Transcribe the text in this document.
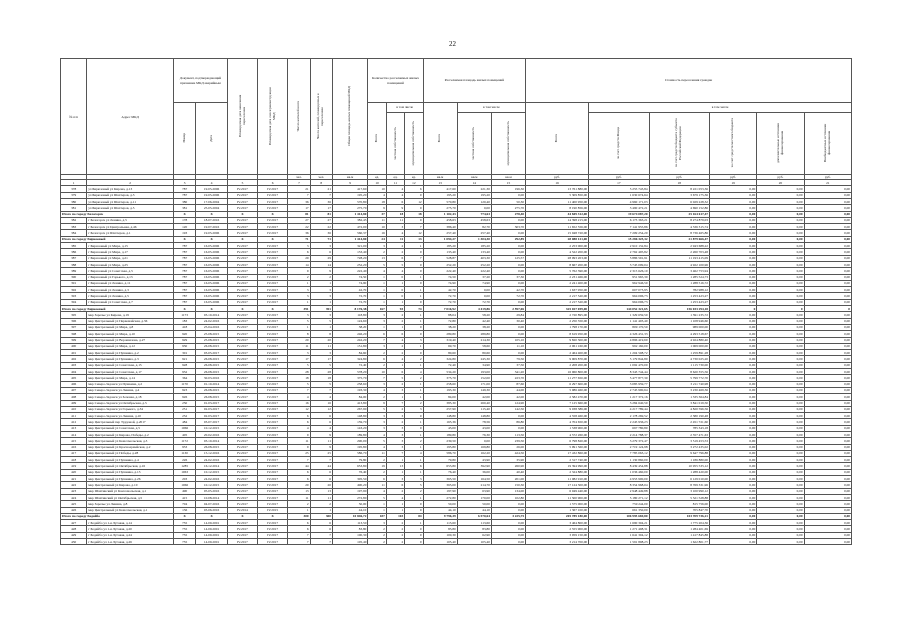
22
№ п/п	Адрес МКД	Документ, подтверждающий признание МКД аварийным		Планируемая дата окончания переселения	Планируемая дата сноса/реконструкции МКД	Число жителей всего	Число жителей, планируемых к переселению	Общая площадь жилых помещений МКД	Количество расселяемых жилых помещений			Расселяемая площадь жилых помещений			Стоимость переселения граждан					
		Номер	Дата						Всего	в том числе		Всего	в том числе		Всего	в том числе				
										частная собственность	муниципальная собственность		частная собственность	муниципальная собственность		за счет средств Фонда	за счет средств бюджета субъекта Российской Федерации	за счет средств местного бюджета	дополнительные источники финансирования	Внебюджетные источники финансирования
						чел.	чел.	кв.м	ед.	ед.	ед.	кв.м	кв.м	кв.м	руб.	руб.	руб.	руб.	руб.	руб.
1	2	3	4	5	6	7	8	9	10	11	12	13	14	15	16	17	18	19	20	21
378	ул Бирюзовый ул Кирова, д.13	787	19.05.2006	IV.2017	IV.2017	21	21	417,60	10	4	6	417,60	221,30	196,30	13 761 880,00	5 255 743,84	8 221 053,36	0,00	0,00	0,00
379	ул Бирюзовый ул Шахтеров, д.3	787	19.05.2006	IV.2017	IV.2017	7	7	195,20	4	4	0	195,20	195,20	0,00	5 309 850,00	1 630 674,64	3 679 175,36	0,00	0,00	0,00
380	ул Бирюзовый ул Шахтеров, д.11	380	17.06.2004	IV.2017	IV.2017	36	36	570,80	18	6	12	570,80	120,40	50,30	11 400 950,00	4 960 171,03	6 029 228,32	0,00	0,00	0,00
381	ул Бирюзовый ул Шахтеров, д.5	381	25.05.2004	IV.2017	IV.2017	17	17	275,70	9	9	0	275,70	0,00	275,70	8 190 856,00	3 490 472,21	4 690 152,86	0,00	0,00	0,00
Итого по городу Белогорск		X	X	X	X	81	81	1 414,80	37	18	18	1 102,43	774,63	278,40	44 849 312,00	19 674 087,20	25 164 617,47	0,00	0,00	0,00
382	г Белогорск ул Ленина, д.5	178	18.07.2016	IV.2017	IV.2017	27	27	382,43	11	11	0	458,63	458,63	0,00	14 398 215,00	6 173 363,21	8 274 879,03	0,00	0,00	0,00
383	г Белогорск ул Центральная, д.46	120	19.07.2016	IV.2017	IV.2017	22	22	472,00	10	3	7	386,40	82,70	303,70	11 652 556,00	7 141 955,86	4 336 315,74	0,00	0,00	0,00
384	г Белогорск ул Шахтеров, д.1	193	19.05.2006	IV.2017	IV.2017	36	36	560,37	16	4	12	257,40	257,40	0,00	15 948 720,00	7 209 254,20	8 736 465,86	0,00	0,00	0,00
Итого по городу Бирюзовый		X	X	X	X	71	71	1 414,80	24	11	13	1 094,27	1 304,30	292,89	28 088 121,00	15 286 325,32	21 879 666,47	0,00	0,00	0,00
385	г Бирюзовый ул Мира, д.15	787	16.05.2006	IV.2017	IV.2017	3	3	321,00	3	2	1	185,20	185,20	0,00	2 253 000,00	2 910 132,84	2 943 688,22	0,00	0,00	0,00
386	г Бирюзовый ул Мира, д.17	787	16.05.2006	IV.2017	IV.2017	6	6	133,40	2	2	0	133,40	133,40	0,00	4 522 200,00	2 762 495,82	2 260 703,48	0,00	0,00	0,00
387	г Бирюзовый ул Мира, д.21	787	16.05.2006	IV.2017	IV.2017	29	29	728,20	13	6	7	528,87	403,30	125,57	28 093 203,00	5 886 591,91	11 193 415,09	0,00	0,00	0,00
388	г Бирюзовый ул Мира, д.25	787	16.05.2006	IV.2017	IV.2017	14	14	252,20	5	5	0	252,20	252,20	0,00	8 667 200,00	3 745 099,04	4 922 100,96	0,00	0,00	0,00
389	г Бирюзовый ул Советская, д.5	787	16.05.2006	IV.2017	IV.2017	9	9	222,40	4	4	0	222,40	222,40	0,00	5 762 390,00	2 315 626,10	3 462 753,94	0,00	0,00	0,00
390	г Бирюзовый ул Горького, д.13	787	16.05.2006	IV.2017	IV.2017	2	2	74,50	1	0	1	74,50	37,20	37,30	2 231 466,00	951 965,30	1 285 524,73	0,00	0,00	0,00
391	г Бирюзовый ул Ленина, д.11	787	16.05.2006	IV.2017	IV.2017	1	1	74,90	1	1	0	74,90	74,90	0,00	2 241 400,00	962 946,50	1 288 516,72	0,00	0,00	0,00
392	г Бирюзовый ул Ленина, д.3	787	16.05.2006	IV.2017	IV.2017	3	3	42,70	1	0	1	42,70	0,00	42,70	1 637 950,00	607 073,95	782 988,12	0,00	0,00	0,00
393	г Бирюзовый ул Ленина, д.5	787	16.05.2006	IV.2017	IV.2017	3	3	72,70	1	0	1	72,70	0,00	72,70	2 217 520,00	964 096,73	1 253 423,27	0,00	0,00	0,00
394	г Бирюзовый ул Советская, д.7	787	16.05.2006	IV.2017	IV.2017	1	1	72,70	1	1	0	72,70	72,70	0,00	2 217 520,00	964 096,73	1 253 423,27	0,00	0,00	0,00
Итого по городу Бирюзовый		X	X	X	X	391	391	8 176,38	167	93	74	7 016,92	4 419,86	2 597,06	325 027 059,00	144 052 321,65	156 033 294,18	0	0	0
395	мкр Заречье ул Кирова, д.19	1173	03.10.2014	IV.2017	IV.2017	3	3	118,80	3	2	1	88,04	58,20	29,84	2 720 895,00	1 329 659,50	1 391 235,72	0,00	0,00	0,00
396	мкр Центральный ул Первомайская, д.36	183	24.02.2016	IV.2017	IV.2017	5	5	124,60	3	2	1	72,80	42,40	30,40	2 250 350,00	1 141 403,40	1 108 946,60	0,00	0,00	0,00
397	мкр Центральный ул Мира, д.8	418	25.04.2016	IV.2017	IV.2017	1	1	38,20	1	1	0	38,20	38,20	0,00	1 798 170,00	809 170,50	989 000,00	0,00	0,00	0,00
398	мкр Центральный ул Мира, д.10	920	25.08.2015	IV.2017	IV.2017	8	8	246,20	6	6	0	289,80	289,80	0,00	8 619 950,00	4 326 431,33	4 293 518,67	0,00	0,00	0,00
399	мкр Центральный ул Ворошилова, д.27	929	25.08.2015	IV.2017	IV.2017	20	20	242,20	7	4	3	319,40	214,30	105,10	9 820 300,00	4 896 419,60	4 924 880,40	0,00	0,00	0,00
400	мкр Центральный ул Мира, д.12	930	26.08.2015	IV.2017	IV.2017	11	11	151,80	3	2	1	69,70	58,60	11,10	2 061 160,00	992 160,00	1 069 000,00	0,00	0,00	0,00
401	мкр Центральный ул Пушкина, д.2	301	03.05.2017	IV.2017	IV.2017	3	3	84,60	2	2	0	80,60	80,60	0,00	2 464 400,00	1 204 508,72	1 259 891,28	0,00	0,00	0,00
402	мкр Центральный ул Пушкина, д.3	921	26.08.2015	IV.2017	IV.2017	17	17	324,80	6	4	2	324,80	245,30	79,50	9 909 870,00	5 179 844,80	4 730 025,20	0,00	0,00	0,00
403	мкр Центральный ул Советская, д.15	928	26.08.2015	IV.2017	IV.2017	5	5	72,40	2	1	1	72,40	34,90	37,50	2 208 200,00	1 092 470,00	1 115 730,00	0,00	0,00	0,00
404	мкр Центральный ул Советская, д.17	932	26.08.2015	IV.2017	IV.2017	28	28	578,20	10	6	4	534,20	193,00	341,20	16 960 800,00	8 343 744,44	8 620 355,56	0,00	0,00	0,00
405	мкр Центральный ул Мира, д.14	364	30.03.2016	IV.2017	IV.2017	18	18	375,70	7	5	2	375,70	152,00	223,70	11 277 650,00	5 477 877,30	5 799 772,70	0,00	0,00	0,00
406	мкр Северо-Задонск ул Пушкина, д.2	1170	01.10.2014	IV.2017	IV.2017	5	5	258,60	3	2	1	258,60	171,00	87,60	6 297 600,00	3 085 959,77	3 211 740,98	0,00	0,00	0,00
407	мкр Северо-Задонск ул Ленина, д.4	923	26.08.2015	IV.2017	IV.2017	7	7	193,30	4	3	1	193,30	149,30	44,00	5 986 460,00	2 745 990,64	3 230 469,36	0,00	0,00	0,00
408	мкр Северо-Задонск ул Зеленая, д.18	926	26.08.2015	IV.2017	IV.2017	4	4	84,00	2	1	1	84,00	42,00	42,00	2 582 470,00	1 217 372,16	1 335 364,84	0,00	0,00	0,00
409	мкр Северо-Задонск ул Октябрьская, д.5	250	01.03.2017	IV.2017	IV.2017	16	16	413,80	9	7	2	385,30	260,40	124,90	7 125 660,00	3 284 640,50	3 841 019,50	0,00	0,00	0,00
410	мкр Северо-Задонск ул Горького, д.34	251	02.03.2017	IV.2017	IV.2017	12	12	267,90	5	2	3	257,90	115,40	142,50	9 038 386,00	4 217 789,44	4 820 596,56	0,00	0,00	0,00
411	мкр Северо-Задонск ул Ленина, д.10	252	02.03.2017	IV.2017	IV.2017	6	6	148,80	3	3	0	148,80	148,80	0,00	4 558 460,00	2 178 269,52	2 380 190,48	0,00	0,00	0,00
412	мкр Центральный пер Трудовой, д.2017	484	03.07.2017	IV.2017	IV.2017	6	6	159,70	3	2	1	165,36	78,56	86,80	4 704 650,00	2 245 936,23	2 451 721,60	0,00	0,00	0,00
413	мкр Центральный ул Советская, д.5	1066	10.12.2015	IV.2017	IV.2017	4	4	143,20	3	3	0	43,00	43,00	0,00	1 538 900,00	697 780,80	785 343,18	0,00	0,00	0,00
414	мкр Центральный ул Кирова, Победы, д.2	405	20.02.2016	IV.2017	IV.2017	9	9	189,80	4	3	1	189,80	76,30	113,50	4 572 260,00	2 214 788,37	2 357 471,63	0,00	0,00	0,00
415	мкр Центральный ул Комсомольская, д.3	1172	03.10.2014	IV.2017	IV.2017	11	11	290,00	5	3	2	239,50	0,00	239,50	6 798 820,00	3 279 372,47	3 519 453,53	0,00	0,00	0,00
416	мкр Центральный ул Красноармейская, д.2	933	26.08.2015	IV.2017	IV.2017	9	9	195,80	4	3	1	195,80	169,80	26,00	5 991 560,00	2 719 124,98	3 272 435,02	0,00	0,00	0,00
417	мкр Центральный ул Победы, д.28	1130	15.12.2016	IV.2017	IV.2017	25	25	586,70	11	7	4	586,70	162,20	424,50	17 432 860,00	7 785 063,12	9 647 796,88	0,00	0,00	0,00
418	мкр Центральный ул Пушкина, д.4	226	24.02.2016	IV.2017	IV.2017	7	7	79,80	2	1	1	79,80	43,90	35,90	2 317 740,00	1 130 860,00	1 186 880,00	0,00	0,00	0,00
419	мкр Центральный ул Октябрьская, д.16	1285	16.12.2014	IV.2017	IV.2017	44	44	653,80	19	13	6	653,80	392,90	260,90	19 394 990,00	8 439 454,88	10 955 535,12	0,00	0,00	0,00
420	мкр Центральный ул Пушкина, д.13	1063	10.12.2015	IV.2017	IV.2017	6	6	76,40	2	1	1	76,40	36,00	40,40	2 324 880,00	1 036 460,00	1 288 420,00	0,00	0,00	0,00
421	мкр Центральный ул Пушкина, д.26	203	24.02.2016	IV.2017	IV.2017	6	6	305,50	6	3	3	365,50	164,50	201,00	11 082 910,00	4 953 900,00	6 129 010,00	0,00	0,00	0,00
422	мкр Центральный ул Кирова, д.10	1066	10.12.2015	IV.2017	IV.2017	20	20	490,20	11	6	5	365,00	214,70	150,30	17 124 300,00	8 354 968,04	8 769 331,96	0,00	0,00	0,00
423	мкр Шахтинский ул Комсомольская, д.1	490	05.05.2016	IV.2017	IV.2017	13	13	197,90	4	2	2	197,90	63,90	134,00	6 049 440,00	2 948 449,88	3 100 990,12	0,00	0,00	0,00
424	мкр Шахтинский ул Октябрьская, д.5	415	10.08.2014	IV.2017	IV.2017	11	11	272,80	5	4	1	272,80	170,00	102,80	11 500 900,00	5 180 271,12	5 321 528,88	0,00	0,00	0,00
425	мкр Заречье ул Ленина, д.8	704	04.07.2016	IV.2017	IV.2017	2	2	50,00	1	1	0	50,00	50,00	0,00	1 575 000,00	759 244,00	815 756,00	0,00	0,00	0,00
426	мкр Центральный ул Комсомольская, д.1	136	03.06.2016	IV.2014	IV.2015	1	1	44,10	1	1	0	44,10	44,10	0,00	1 367 100,00	661 350,00	705 847,70	0,00	0,00	0,00
Итого по городу Бодайбо		X	X	X	X	300	300	10 846,72	187	103	84	9 796,39	6 570,64	3 225,75	205 789 180,00	106 995 669,80	103 709 736,21	0,00	0,00	0,00
427	г Бодайбо ул 1-я Луговая, д.14	755	14.09.2001	IV.2017	IV.2017	6	6	113,50	3	2	1	113,60	113,60	0,00	3 464 800,00	1 690 304,21	1 775 204,36	0,00	0,00	0,00
428	г Бодайбо ул 1-я Луговая, д.20	755	14.09.2001	IV.2017	IV.2017	6	6	83,80	2	2	0	83,80	83,80	0,00	2 555 900,00	1 271 498,31	1 284 401,69	0,00	0,00	0,00
429	г Бодайбо ул 1-я Луговая, д.24	755	14.09.2001	IV.2017	IV.2017	7	7	100,30	2	2	0	100,30	62,90	0,00	3 059 150,00	1 641 304,12	1 417 845,88	0,00	0,00	0,00
430	г Бодайбо ул 1-я Луговая, д.26	755	14.09.2001	IV.2017	IV.2017	7	7	105,40	2	2	0	105,40	105,40	0,00	3 214 700,00	1 591 898,23	1 622 801,77	0,00	0,00	0,00
